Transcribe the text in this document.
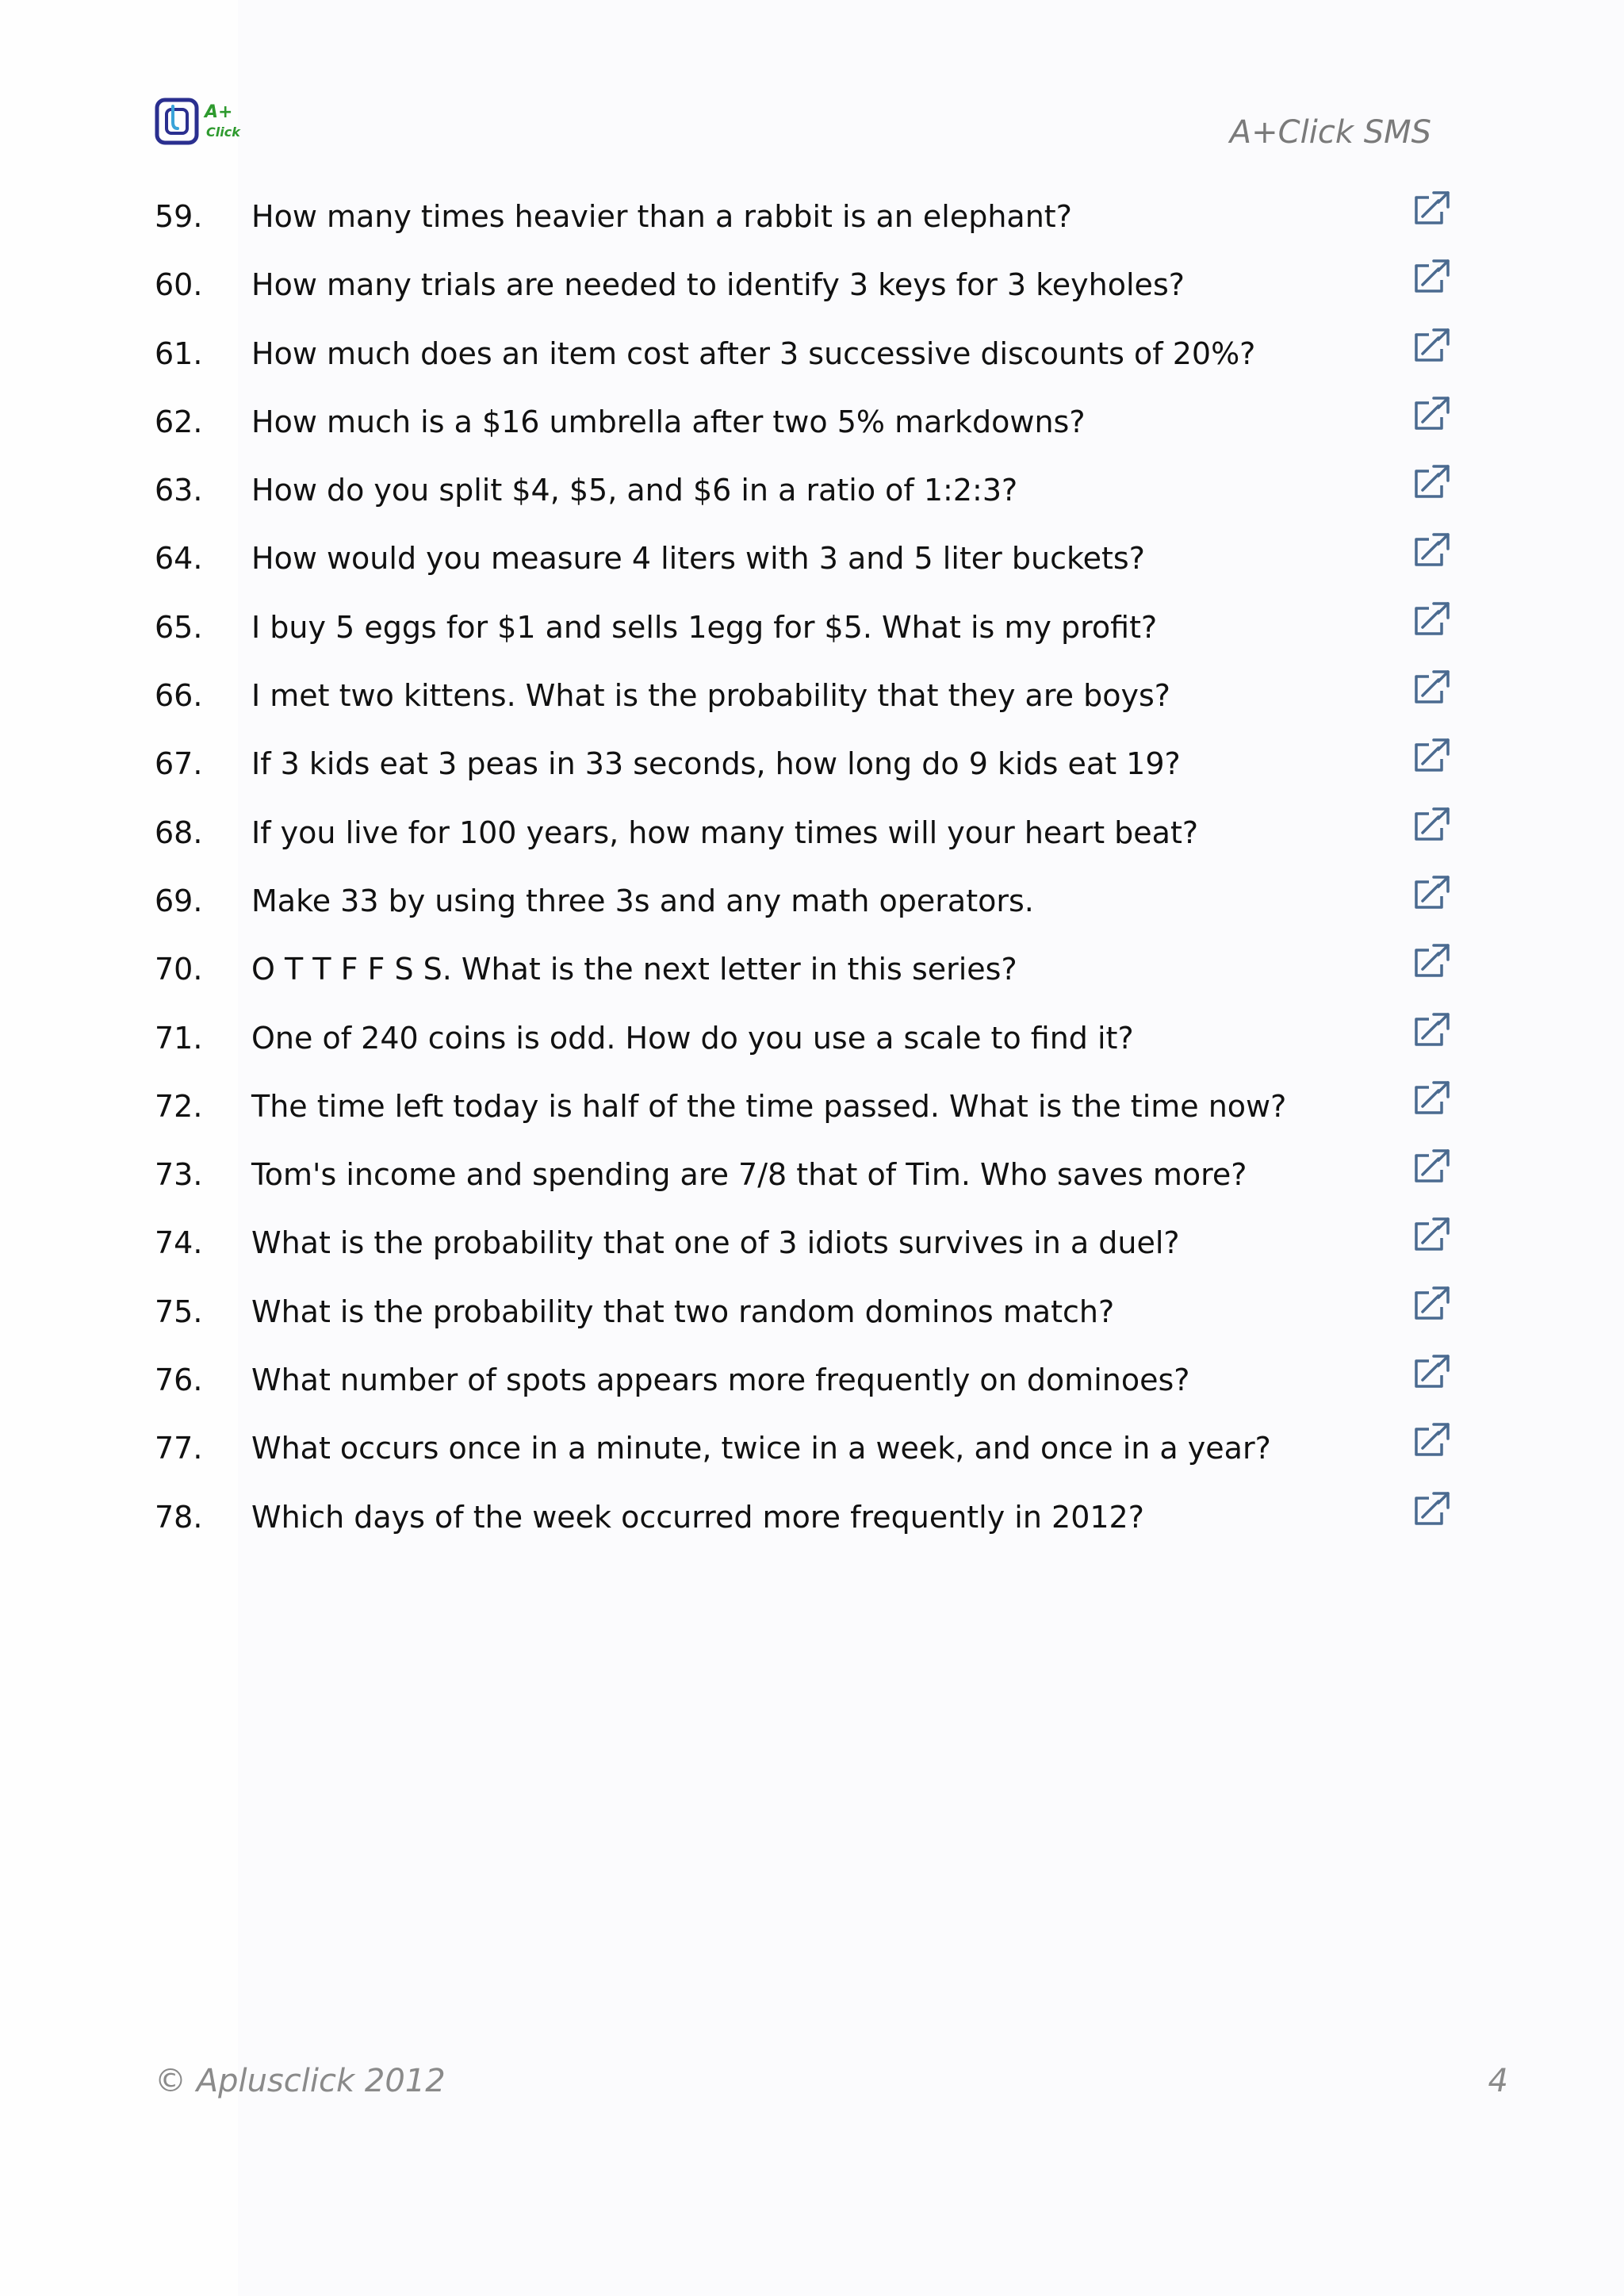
A+
Click	A+Click SMS
59. How many times heavier than a rabbit is an elephant?
60. How many trials are needed to identify 3 keys for 3 keyholes?
61. How much does an item cost after 3 successive discounts of 20%?
62. How much is a $16 umbrella after two 5% markdowns?
63. How do you split $4, $5, and $6 in a ratio of 1:2:3?
64. How would you measure 4 liters with 3 and 5 liter buckets?
65. I buy 5 eggs for $1 and sells 1egg for $5. What is my profit?
66. I met two kittens. What is the probability that they are boys?
67. If 3 kids eat 3 peas in 33 seconds, how long do 9 kids eat 19?
68. If you live for 100 years, how many times will your heart beat?
69. Make 33 by using three 3s and any math operators.
70. O T T F F S S. What is the next letter in this series?
71. One of 240 coins is odd. How do you use a scale to find it?
72. The time left today is half of the time passed. What is the time now?
73. Tom's income and spending are 7/8 that of Tim. Who saves more?
74. What is the probability that one of 3 idiots survives in a duel?
75. What is the probability that two random dominos match?
76. What number of spots appears more frequently on dominoes?
77. What occurs once in a minute, twice in a week, and once in a year?
78. Which days of the week occurred more frequently in 2012?
© Aplusclick 2012	4
